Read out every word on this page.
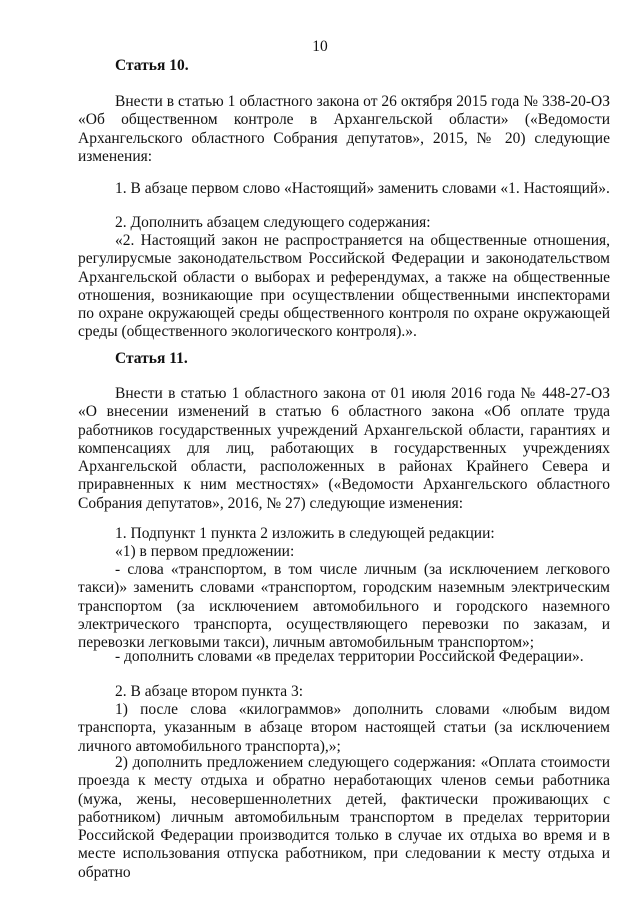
10
Статья 10.
Внести в статью 1 областного закона от 26 октября 2015 года № 338-20-ОЗ «Об общественном контроле в Архангельской области» («Ведомости Архангельского областного Собрания депутатов», 2015, № 20) следующие изменения:
1. В абзаце первом слово «Настоящий» заменить словами «1. Настоящий».
2. Дополнить абзацем следующего содержания:
«2. Настоящий закон не распространяется на общественные отношения, регулирусмые законодательством Российской Федерации и законодательством Архангельской области о выборах и референдумах, а также на общественные отношения, возникающие при осуществлении общественными инспекторами по охране окружающей среды общественного контроля по охране окружающей среды (общественного экологического контроля).».
Статья 11.
Внести в статью 1 областного закона от 01 июля 2016 года № 448-27-ОЗ «О внесении изменений в статью 6 областного закона «Об оплате труда работников государственных учреждений Архангельской области, гарантиях и компенсациях для лиц, работающих в государственных учреждениях Архангельской области, расположенных в районах Крайнего Севера и приравненных к ним местностях» («Ведомости Архангельского областного Собрания депутатов», 2016, № 27) следующие изменения:
1. Подпункт 1 пункта 2 изложить в следующей редакции:
«1) в первом предложении:
- слова «транспортом, в том числе личным (за исключением легкового такси)» заменить словами «транспортом, городским наземным электрическим транспортом (за исключением автомобильного и городского наземного электрического транспорта, осуществляющего перевозки по заказам, и перевозки легковыми такси), личным автомобильным транспортом»;
- дополнить словами «в пределах территории Российской Федерации».
2. В абзаце втором пункта 3:
1) после слова «килограммов» дополнить словами «любым видом транспорта, указанным в абзаце втором настоящей статьи (за исключением личного автомобильного транспорта),»;
2) дополнить предложением следующего содержания: «Оплата стоимости проезда к месту отдыха и обратно неработающих членов семьи работника (мужа, жены, несовершеннолетних детей, фактически проживающих с работником) личным автомобильным транспортом в пределах территории Российской Федерации производится только в случае их отдыха во время и в месте использования отпуска работником, при следовании к месту отдыха и обратно
